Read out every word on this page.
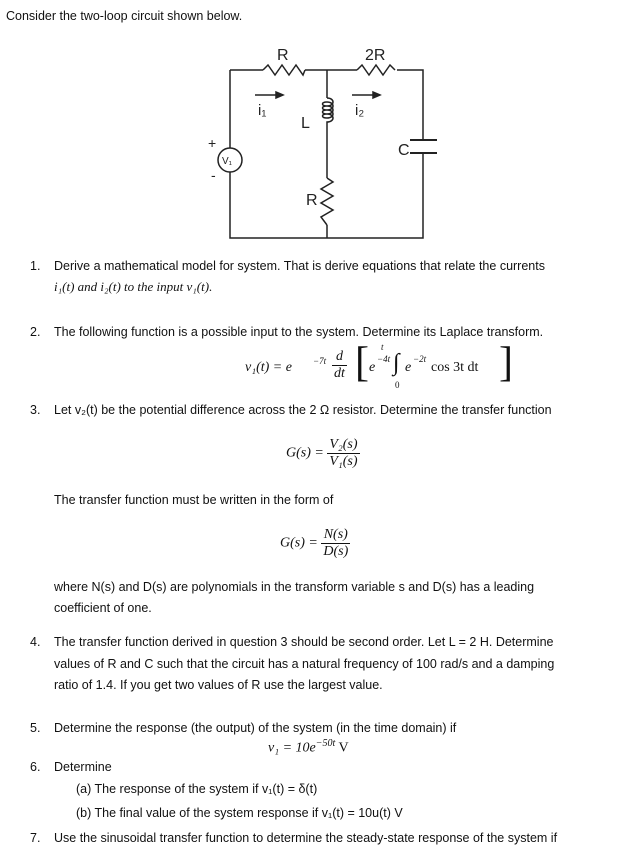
Consider the two-loop circuit shown below.
R	2R
i₁	i₂
L
C
R
V₁
+
-
1. Derive a mathematical model for system. That is derive equations that relate the currents
i₁(t) and i₂(t) to the input v₁(t).
2. The following function is a possible input to the system. Determine its Laplace transform.
$v_1(t) = e -7t \frac{d}{dt}$ [ e
−4t
t
∫
0
e
−2t
cos 3t dt ]
3. Let v₂(t) be the potential difference across the 2 Ω resistor. Determine the transfer function
$G(s) = \frac{\text{V₂(s)}}{\text{V₁(s)}}$
The transfer function must be written in the form of
$G(s) = \frac{N(s)}{D(s)}$
where N(s) and D(s) are polynomials in the transform variable s and D(s) has a leading
coefficient of one.
4. The transfer function derived in question 3 should be second order. Let L = 2 H. Determine
values of R and C such that the circuit has a natural frequency of 100 rad/s and a damping
ratio of 1.4. If you get two values of R use the largest value.
5. Determine the response (the output) of the system (in the time domain) if
$v_1 = 10e^{-50t}$ V
6. Determine
(a) The response of the system if v₁(t) = δ(t)
(b) The final value of the system response if v₁(t) = 10u(t) V
7. Use the sinusoidal transfer function to determine the steady-state response of the system if
